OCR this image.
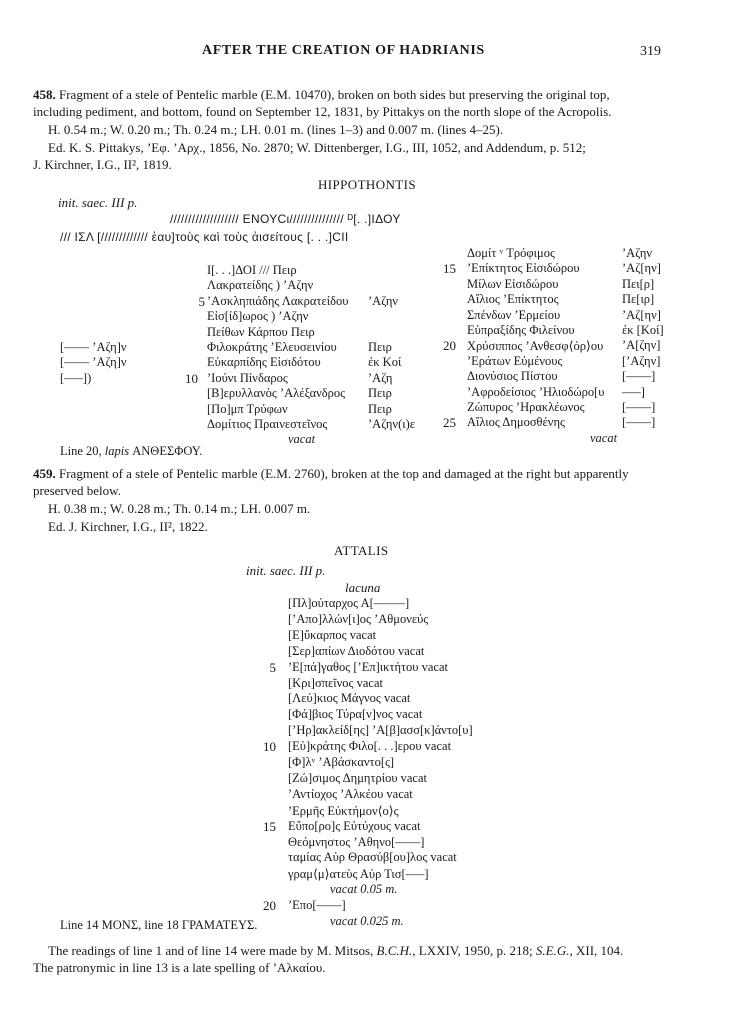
AFTER THE CREATION OF HADRIANIS	319
458. Fragment of a stele of Pentelic marble (E.M. 10470), broken on both sides but preserving the original top,
including pediment, and bottom, found on September 12, 1831, by Pittakys on the north slope of the Acropolis.
H. 0.54 m.; W. 0.20 m.; Th. 0.24 m.; LH. 0.01 m. (lines 1–3) and 0.007 m. (lines 4–25).
Ed. K. S. Pittakys, ’Εφ. ’Αρχ., 1856, No. 2870; W. Dittenberger, I.G., III, 1052, and Addendum, p. 512;
J. Kirchner, I.G., II², 1819.
HIPPOTHONTIS
init. saec. III p.
/////////////////// ΕΝΟΥϹι/////////////// ᴰ[. .]ΙΔΟΥ
/// ΙΣΛ [///////////// ἑαυ]τοὺς καὶ τοὺς ἀισείτους [. . .]ϹΙΙ
[–––– ’Αζη]ν
[–––– ’Αζη]ν
[–––])
Ι[. . .]ΔΟΙ /// Πειρ
Λακρατείδης ) ’Αζην
’Ασκληπιάδης Λακρατείδου ’Αζην
Εἰσ[ίδ]ωρος ) ’Αζην
Πείθων Κάρπου Πειρ
Φιλοκράτης ’Ελευσεινίου	Πειρ
Εὐκαρπίδης Εἰσιδότου	ἐκ Κοί
’Ιούνι Πίνδαρος	’Αζη
[Β]ερυλλανὸς ’Αλέξανδρος Πειρ
[Πο]μπ Τρύφων	Πειρ
Δομίτιος Πραινεστεῖνος	’Αζην(ι)ε
vacat
5
10
Δομίτ ᵛ Τρόφιμος	’Αζην
’Επίκτητος Εἰσιδώρου	’Αζ[ην]
Μίλων Εἰσιδώρου	Πει[ρ]
Αἴλιος ’Επίκτητος	Πε[ιρ]
Σπένδων ’Ερμείου	’Αζ[ην]
Εὐπραξίδης Φιλείνου	ἐκ [Κοί]
Χρύσιππος ’Ανθεσφ⟨όρ⟩ου ’Α[ζην]
’Εράτων Εὐμένους	[’Αζην]
Διονύσιος Πίστου	[––––]
’Αφροδείσιος ’Ηλιοδώρο[υ –––]
Ζώπυρος ’Ηρακλέωνος	[––––]
Αἴλιος Δημοσθένης	[––––]
vacat
15
20
25
Line 20, lapis ΑΝΘΕΣΦΟΥ.
459. Fragment of a stele of Pentelic marble (E.M. 2760), broken at the top and damaged at the right but apparently
preserved below.
H. 0.38 m.; W. 0.28 m.; Th. 0.14 m.; LH. 0.007 m.
Ed. J. Kirchner, I.G., II², 1822.
ATTALIS
init. saec. III p.
lacuna
[Πλ]ούταρχος Α[–––––]
[’Απο]λλών[ι]ος ’Αθμονεύς
[Ε]ὔκαρπος vacat
[Σερ]απίων Διοδότου vacat
’Ε[πά]γαθος [’Επ]ικτήτου vacat
[Κρι]σπεῖνος vacat
[Λεύ]κιος Μάγνος vacat
[Φά]βιος Τύρα[ν]νος vacat
[’Ηρ]ακλείδ[ης] ’Α[β]ασσ[κ]άντο[υ]
[Εὐ]κράτης Φιλο[. . .]ερου vacat
[Φ]λᵛ ’Αβάσκαντο[ς]
[Ζώ]σιμος Δημητρίου vacat
’Αντίοχος ’Αλκέου vacat
’Ερμῆς Εὐκτήμον⟨ο⟩ς
Εὔπο[ρο]ς Εὐτύχους vacat
Θεόμνηστος ’Αθηνο[––––]
ταμίας Αὐρ Θρασύβ[ου]λος vacat
γραμ⟨μ⟩ατεὺς Αὐρ Τισ[–––]
vacat 0.05 m.
’Επο[––––]
vacat 0.025 m.
5
10
15
20
Line 14 ΜΟΝΣ, line 18 ΓΡΑΜΑΤΕΥΣ.
The readings of line 1 and of line 14 were made by M. Mitsos, B.C.H., LXXIV, 1950, p. 218; S.E.G., XII, 104.
The patronymic in line 13 is a late spelling of ’Αλκαίου.
